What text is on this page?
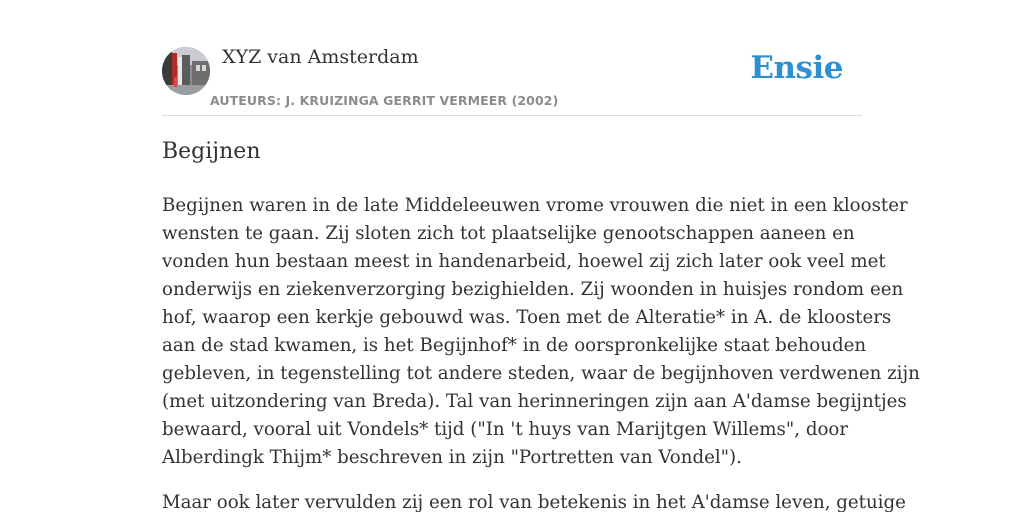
XYZ van Amsterdam
AUTEURS: J. KRUIZINGA GERRIT VERMEER (2002)
Ensie
Begijnen

Begijnen waren in de late Middeleeuwen vrome vrouwen die niet in een klooster
wensten te gaan. Zij sloten zich tot plaatselijke genootschappen aaneen en
vonden hun bestaan meest in handenarbeid, hoewel zij zich later ook veel met
onderwijs en ziekenverzorging bezighielden. Zij woonden in huisjes rondom een
hof, waarop een kerkje gebouwd was. Toen met de Alteratie* in A. de kloosters
aan de stad kwamen, is het Begijnhof* in de oorspronkelijke staat behouden
gebleven, in tegenstelling tot andere steden, waar de begijnhoven verdwenen zijn
(met uitzondering van Breda). Tal van herinneringen zijn aan A'damse begijntjes
bewaard, vooral uit Vondels* tijd ("In 't huys van Marijtgen Willems", door
Alberdingk Thijm* beschreven in zijn "Portretten van Vondel").

Maar ook later vervulden zij een rol van betekenis in het A'damse leven, getuige
